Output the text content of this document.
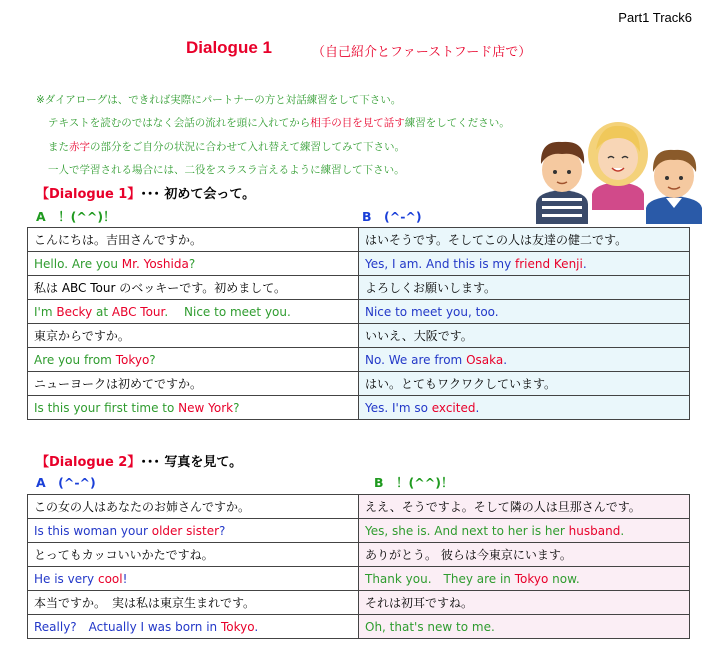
Part1 Track6
Dialogue 1	（自己紹介とファーストフード店で）
※ダイアローグは、できれば実際にパートナーの方と対話練習をして下さい。
テキストを読むのではなく会話の流れを頭に入れてから相手の目を見て話す練習をしてください。
また赤字の部分をご自分の状況に合わせて入れ替えて練習してみて下さい。
一人で学習される場合には、二役をスラスラ言えるように練習して下さい。
【Dialogue 1】･･･ 初めて会って。
A　！(^^)！	B　(^-^)
こんにちは。吉田さんですか。	はいそうです。そしてこの人は友達の健二です。
Hello. Are you Mr. Yoshida?	Yes, I am. And this is my friend Kenji.
私は ABC Tour のベッキーです。初めまして。	よろしくお願いします。
I'm Becky at ABC Tour.　 Nice to meet you.	Nice to meet you, too.
東京からですか。	いいえ、大阪です。
Are you from Tokyo?	No. We are from Osaka.
ニューヨークは初めてですか。	はい。とてもワクワクしています。
Is this your first time to New York?	Yes. I'm so excited.
【Dialogue 2】･･･ 写真を見て。
A　(^-^)	B　！(^^)！
この女の人はあなたのお姉さんですか。	ええ、そうですよ。そして隣の人は旦那さんです。
Is this woman your older sister?	Yes, she is. And next to her is her husband.
とってもカッコいいかたですね。	ありがとう。 彼らは今東京にいます。
He is very cool!	Thank you.　They are in Tokyo now.
本当ですか。　実は私は東京生まれです。	それは初耳ですね。
Really?　Actually I was born in Tokyo.	Oh, that's new to me.
